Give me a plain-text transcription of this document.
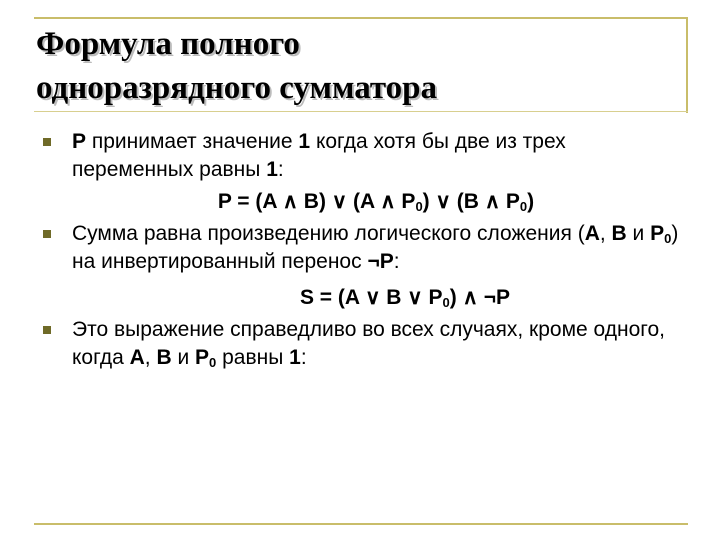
Формула полного
одноразрядного сумматора

P принимает значение 1 когда хотя бы две из трех переменных равны 1:

P = (A ∧ B) ∨ (A ∧ $P_0$) ∨ (B ∧ $P_0$)

Сумма равна произведению логического сложения (A, B и $P_0$) на инвертированный перенос ¬P:

S = (A ∨ B ∨ $P_0$) ∧ ¬P

Это выражение справедливо во всех случаях, кроме одного, когда A, B и $P_0$ равны 1:
